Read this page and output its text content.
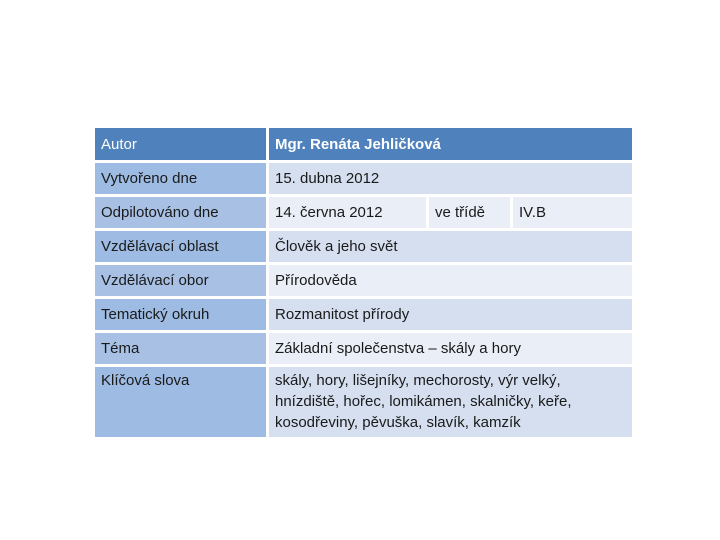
Autor	Mgr. Renáta Jehličková
Vytvořeno dne	15. dubna 2012
Odpilotováno dne	14. června 2012	ve třídě	IV.B
Vzdělávací oblast	Člověk a jeho svět
Vzdělávací obor	Přírodověda
Tematický okruh	Rozmanitost přírody
Téma	Základní společenstva – skály a hory
Klíčová slova	skály, hory, lišejníky, mechorosty, výr velký, hnízdiště, hořec, lomikámen, skalničky, keře, kosodřeviny, pěvuška, slavík, kamzík
